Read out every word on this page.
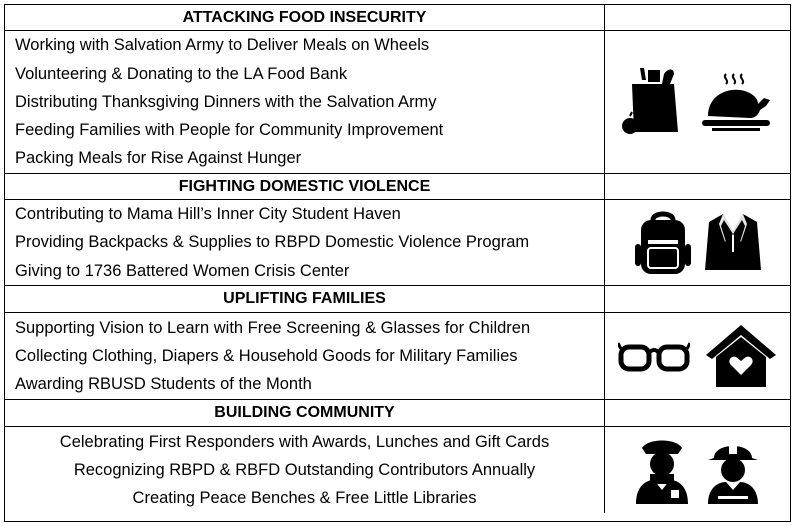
ATTACKING FOOD INSECURITY
Working with Salvation Army to Deliver Meals on Wheels
Volunteering & Donating to the LA Food Bank
Distributing Thanksgiving Dinners with the Salvation Army
Feeding Families with People for Community Improvement
Packing Meals for Rise Against Hunger
FIGHTING DOMESTIC VIOLENCE
Contributing to Mama Hill’s Inner City Student Haven
Providing Backpacks & Supplies to RBPD Domestic Violence Program
Giving to 1736 Battered Women Crisis Center
UPLIFTING FAMILIES
Supporting Vision to Learn with Free Screening & Glasses for Children
Collecting Clothing, Diapers & Household Goods for Military Families
Awarding RBUSD Students of the Month
BUILDING COMMUNITY
Celebrating First Responders with Awards, Lunches and Gift Cards
Recognizing RBPD & RBFD Outstanding Contributors Annually
Creating Peace Benches & Free Little Libraries
